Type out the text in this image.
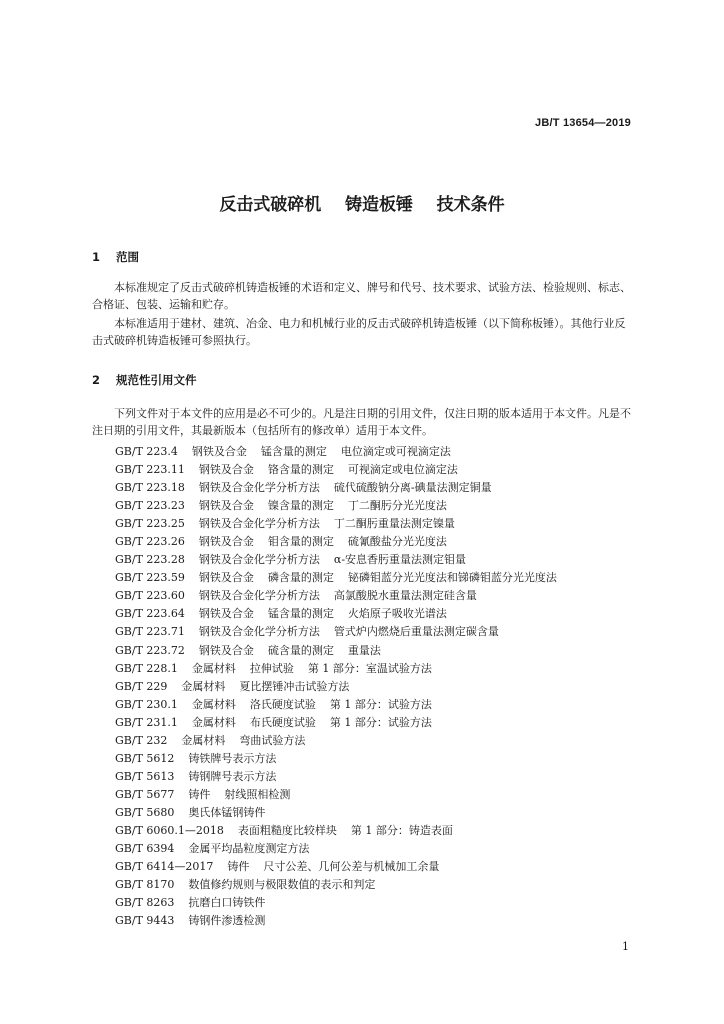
JB/T 13654—2019
反击式破碎机    铸造板锤    技术条件
1    范围
本标准规定了反击式破碎机铸造板锤的术语和定义、牌号和代号、技术要求、试验方法、检验规则、标志、合格证、包装、运输和贮存。
本标准适用于建材、建筑、冶金、电力和机械行业的反击式破碎机铸造板锤（以下简称板锤）。其他行业反击式破碎机铸造板锤可参照执行。
2    规范性引用文件
下列文件对于本文件的应用是必不可少的。凡是注日期的引用文件，仅注日期的版本适用于本文件。凡是不注日期的引用文件，其最新版本（包括所有的修改单）适用于本文件。
GB/T 223.4 钢铁及合金    锰含量的测定    电位滴定或可视滴定法
GB/T 223.11 钢铁及合金    铬含量的测定    可视滴定或电位滴定法
GB/T 223.18 钢铁及合金化学分析方法    硫代硫酸钠分离-碘量法测定铜量
GB/T 223.23 钢铁及合金    镍含量的测定    丁二酮肟分光光度法
GB/T 223.25 钢铁及合金化学分析方法    丁二酮肟重量法测定镍量
GB/T 223.26 钢铁及合金    钼含量的测定    硫氰酸盐分光光度法
GB/T 223.28 钢铁及合金化学分析方法    α-安息香肟重量法测定钼量
GB/T 223.59 钢铁及合金    磷含量的测定    铋磷钼蓝分光光度法和锑磷钼蓝分光光度法
GB/T 223.60 钢铁及合金化学分析方法    高氯酸脱水重量法测定硅含量
GB/T 223.64 钢铁及合金    锰含量的测定    火焰原子吸收光谱法
GB/T 223.71 钢铁及合金化学分析方法    管式炉内燃烧后重量法测定碳含量
GB/T 223.72 钢铁及合金    硫含量的测定    重量法
GB/T 228.1 金属材料    拉伸试验    第 1 部分：室温试验方法
GB/T 229 金属材料    夏比摆锤冲击试验方法
GB/T 230.1 金属材料    洛氏硬度试验    第 1 部分：试验方法
GB/T 231.1 金属材料    布氏硬度试验    第 1 部分：试验方法
GB/T 232 金属材料    弯曲试验方法
GB/T 5612 铸铁牌号表示方法
GB/T 5613 铸钢牌号表示方法
GB/T 5677 铸件    射线照相检测
GB/T 5680 奥氏体锰钢铸件
GB/T 6060.1—2018 表面粗糙度比较样块    第 1 部分：铸造表面
GB/T 6394 金属平均晶粒度测定方法
GB/T 6414—2017 铸件    尺寸公差、几何公差与机械加工余量
GB/T 8170 数值修约规则与极限数值的表示和判定
GB/T 8263 抗磨白口铸铁件
GB/T 9443 铸钢件渗透检测
1
